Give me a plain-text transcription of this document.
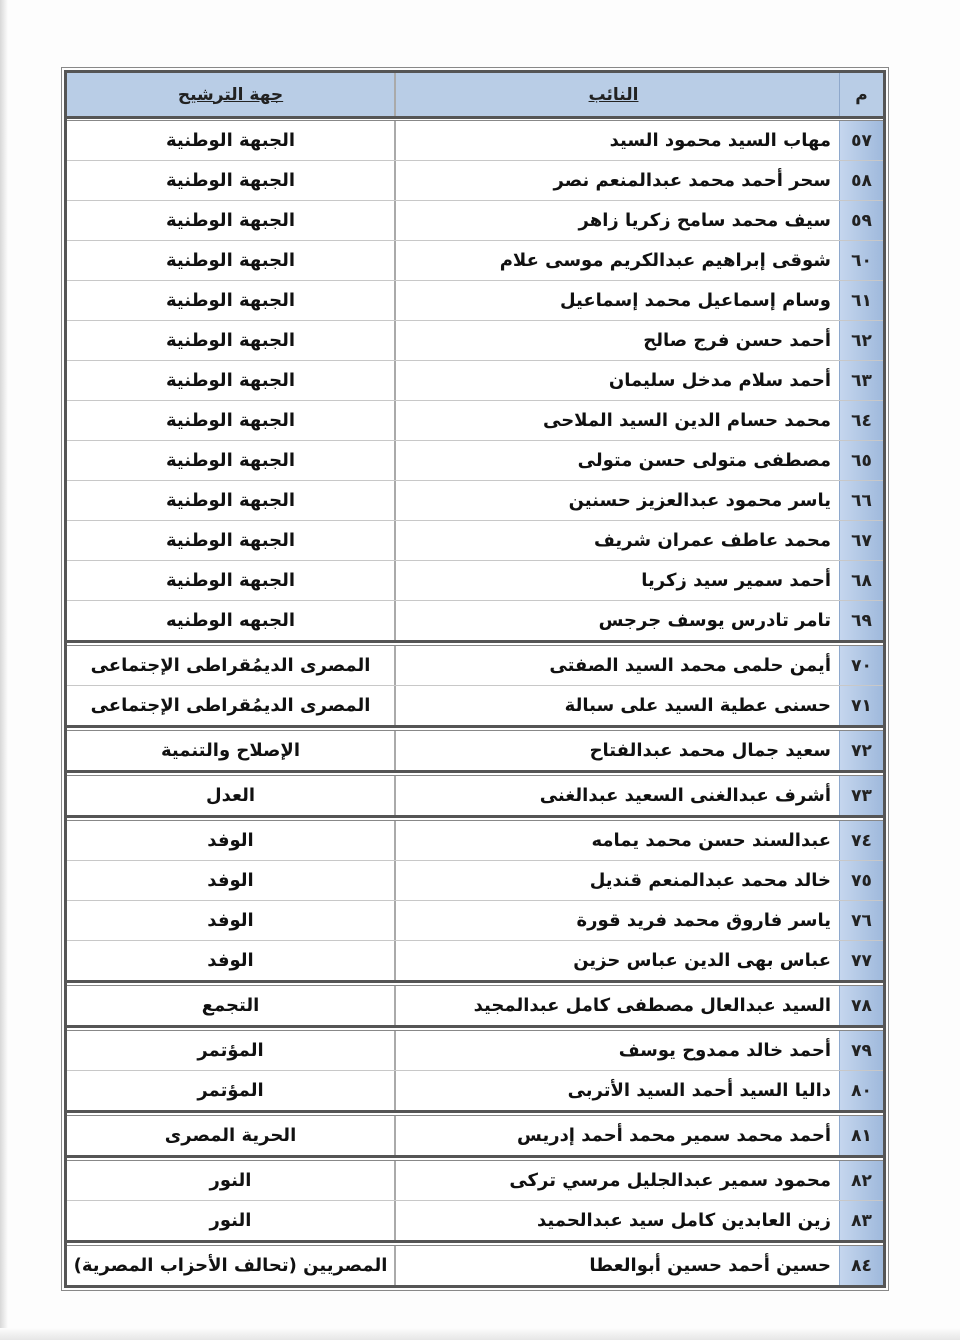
م
النائب
جهة الترشيح
٥٧
مهاب السيد محمود السيد
الجبهة الوطنية
٥٨
سحر أحمد محمد عبدالمنعم نصر
الجبهة الوطنية
٥٩
سيف محمد سامح زكريا زاهر
الجبهة الوطنية
٦٠
شوقى إبراهيم عبدالكريم موسى علام
الجبهة الوطنية
٦١
وسام إسماعيل محمد إسماعيل
الجبهة الوطنية
٦٢
أحمد حسن فرج صالح
الجبهة الوطنية
٦٣
أحمد سلام مدخل سليمان
الجبهة الوطنية
٦٤
محمد حسام الدين السيد الملاحى
الجبهة الوطنية
٦٥
مصطفى متولى حسن متولى
الجبهة الوطنية
٦٦
ياسر محمود عبدالعزيز حسنين
الجبهة الوطنية
٦٧
محمد عاطف عمران شريف
الجبهة الوطنية
٦٨
أحمد سمير سيد زكريا
الجبهة الوطنية
٦٩
تامر تادرس يوسف جرجس
الجبهه الوطنيه
٧٠
أيمن حلمى محمد السيد الصفتى
المصرى الديمُقراطى الإجتماعى
٧١
حسنى عطية السيد على سبالة
المصرى الديمُقراطى الإجتماعى
٧٢
سعيد جمال محمد عبدالفتاح
الإصلاح والتنمية
٧٣
أشرف عبدالغنى السعيد عبدالغنى
العدل
٧٤
عبدالسند حسن محمد يمامه
الوفد
٧٥
خالد محمد عبدالمنعم قنديل
الوفد
٧٦
ياسر فاروق محمد فريد قورة
الوفد
٧٧
عباس بهى الدين عباس حزين
الوفد
٧٨
السيد عبدالعال مصطفى كامل عبدالمجيد
التجمع
٧٩
أحمد خالد ممدوح يوسف
المؤتمر
٨٠
داليا السيد أحمد السيد الأتربى
المؤتمر
٨١
أحمد محمد سمير محمد أحمد إدريس
الحرية المصرى
٨٢
محمود سمير عبدالجليل مرسي تركى
النور
٨٣
زين العابدين كامل سيد عبدالحميد
النور
٨٤
حسين أحمد حسين أبوالعطا
المصريين (تحالف الأحزاب المصرية)
